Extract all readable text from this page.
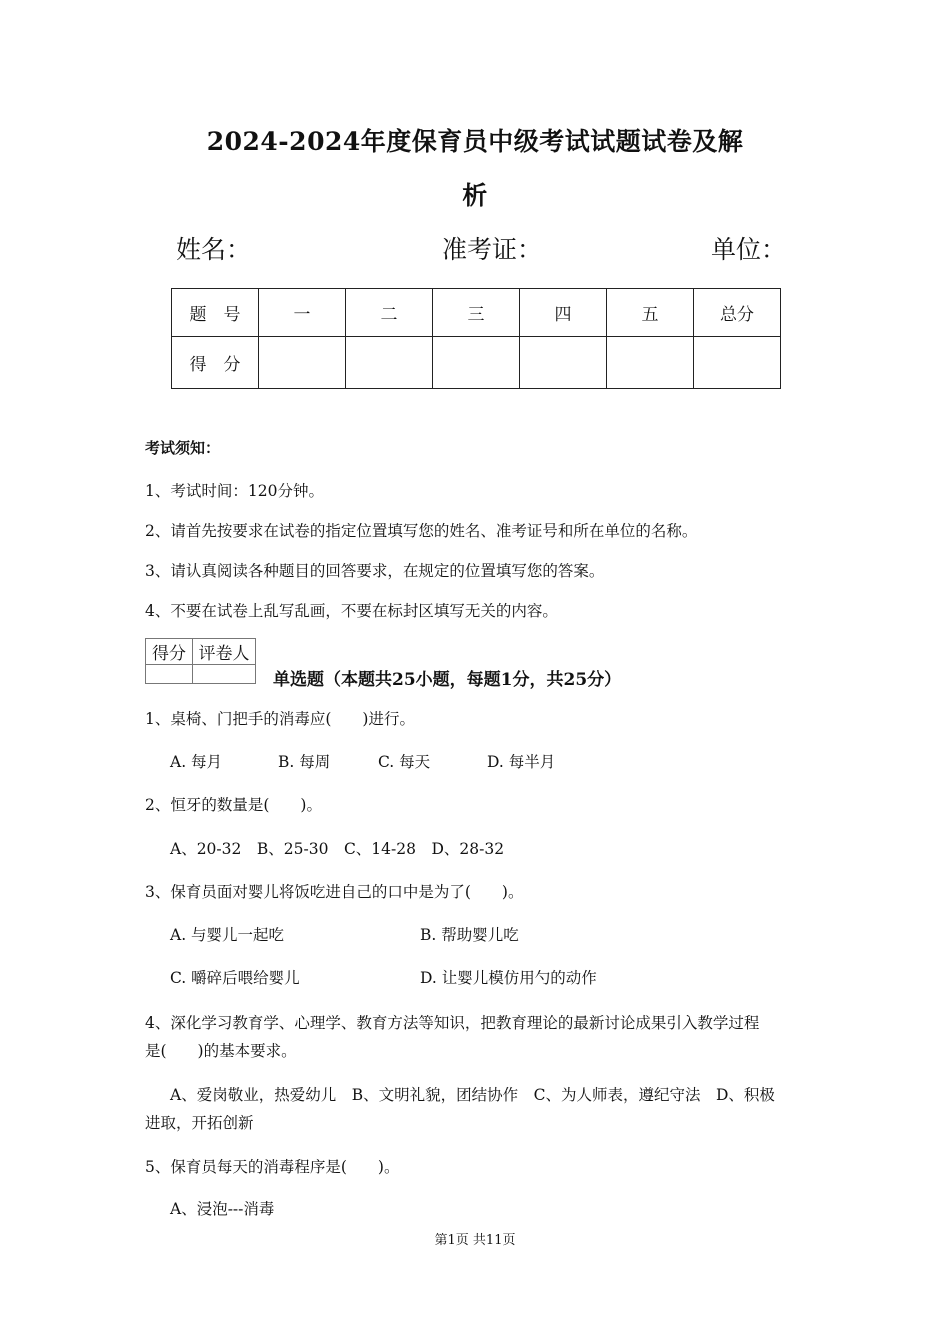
2024-2024年度保育员中级考试试题试卷及解
析
姓名：	准考证：	单位：
题　号	一	二	三	四	五	总分
得　分						
考试须知：
1、考试时间：120分钟。
2、请首先按要求在试卷的指定位置填写您的姓名、准考证号和所在单位的名称。
3、请认真阅读各种题目的回答要求，在规定的位置填写您的答案。
4、不要在试卷上乱写乱画，不要在标封区填写无关的内容。
得分	评卷人

单选题（本题共25小题，每题1分，共25分）
1、桌椅、门把手的消毒应(　　)进行。
A. 每月	B. 每周	C. 每天	D. 每半月
2、恒牙的数量是(　　)。
A、20-32　B、25-30　C、14-28　D、28-32
3、保育员面对婴儿将饭吃进自己的口中是为了(　　)。
A. 与婴儿一起吃	B. 帮助婴儿吃
C. 嚼碎后喂给婴儿	D. 让婴儿模仿用勺的动作
4、深化学习教育学、心理学、教育方法等知识，把教育理论的最新讨论成果引入教学过程
是(　　)的基本要求。
A、爱岗敬业，热爱幼儿　B、文明礼貌，团结协作　C、为人师表，遵纪守法　D、积极
进取，开拓创新
5、保育员每天的消毒程序是(　　)。
A、浸泡---消毒
第1页 共11页
